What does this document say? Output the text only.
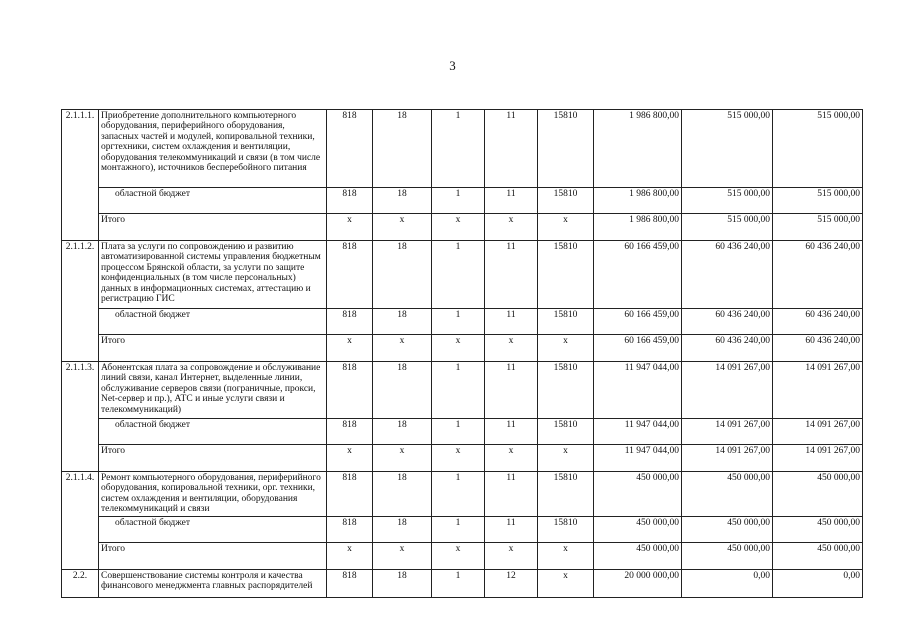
3
2.1.1.1.	Приобретение дополнительного компьютерного оборудования, периферийного оборудования, запасных частей и модулей, копировальной техники, оргтехники, систем охлаждения и вентиляции, оборудования телекоммуникаций и связи (в том числе монтажного), источников бесперебойного питания	818	18	1	11	15810	1 986 800,00	515 000,00	515 000,00
	областной бюджет	818	18	1	11	15810	1 986 800,00	515 000,00	515 000,00
	Итого	x	x	x	x	x	1 986 800,00	515 000,00	515 000,00
2.1.1.2.	Плата за услуги по сопровождению и развитию автоматизированной системы управления бюджетным процессом Брянской области, за услуги по защите конфиденциальных (в том числе персональных) данных в информационных системах, аттестацию и регистрацию ГИС	818	18	1	11	15810	60 166 459,00	60 436 240,00	60 436 240,00
	областной бюджет	818	18	1	11	15810	60 166 459,00	60 436 240,00	60 436 240,00
	Итого	x	x	x	x	x	60 166 459,00	60 436 240,00	60 436 240,00
2.1.1.3.	Абонентская плата за сопровождение и обслуживание линий связи, канал Интернет, выделенные линии, обслуживание серверов связи (пограничные, прокси, Net-сервер и пр.), АТС и иные услуги связи и телекоммуникаций)	818	18	1	11	15810	11 947 044,00	14 091 267,00	14 091 267,00
	областной бюджет	818	18	1	11	15810	11 947 044,00	14 091 267,00	14 091 267,00
	Итого	x	x	x	x	x	11 947 044,00	14 091 267,00	14 091 267,00
2.1.1.4.	Ремонт компьютерного оборудования, периферийного оборудования, копировальной техники, орг. техники, систем охлаждения и вентиляции, оборудования телекоммуникаций и связи	818	18	1	11	15810	450 000,00	450 000,00	450 000,00
	областной бюджет	818	18	1	11	15810	450 000,00	450 000,00	450 000,00
	Итого	x	x	x	x	x	450 000,00	450 000,00	450 000,00
2.2.	Совершенствование системы контроля и качества финансового менеджмента главных распорядителей	818	18	1	12	x	20 000 000,00	0,00	0,00
